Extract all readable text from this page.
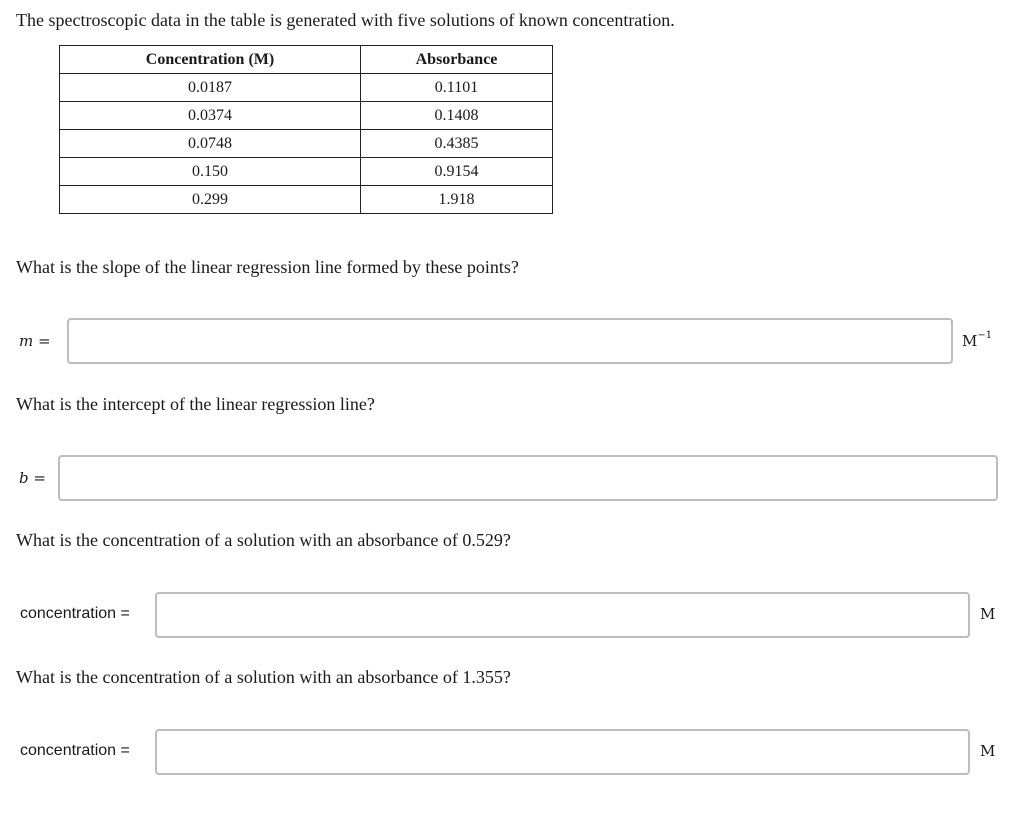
The spectroscopic data in the table is generated with five solutions of known concentration.
Concentration (M)	Absorbance
0.0187	0.1101
0.0374	0.1408
0.0748	0.4385
0.150	0.9154
0.299	1.918
What is the slope of the linear regression line formed by these points?
m =	$M^{-1}$
What is the intercept of the linear regression line?
b =
What is the concentration of a solution with an absorbance of 0.529?
concentration =	M
What is the concentration of a solution with an absorbance of 1.355?
concentration =	M
